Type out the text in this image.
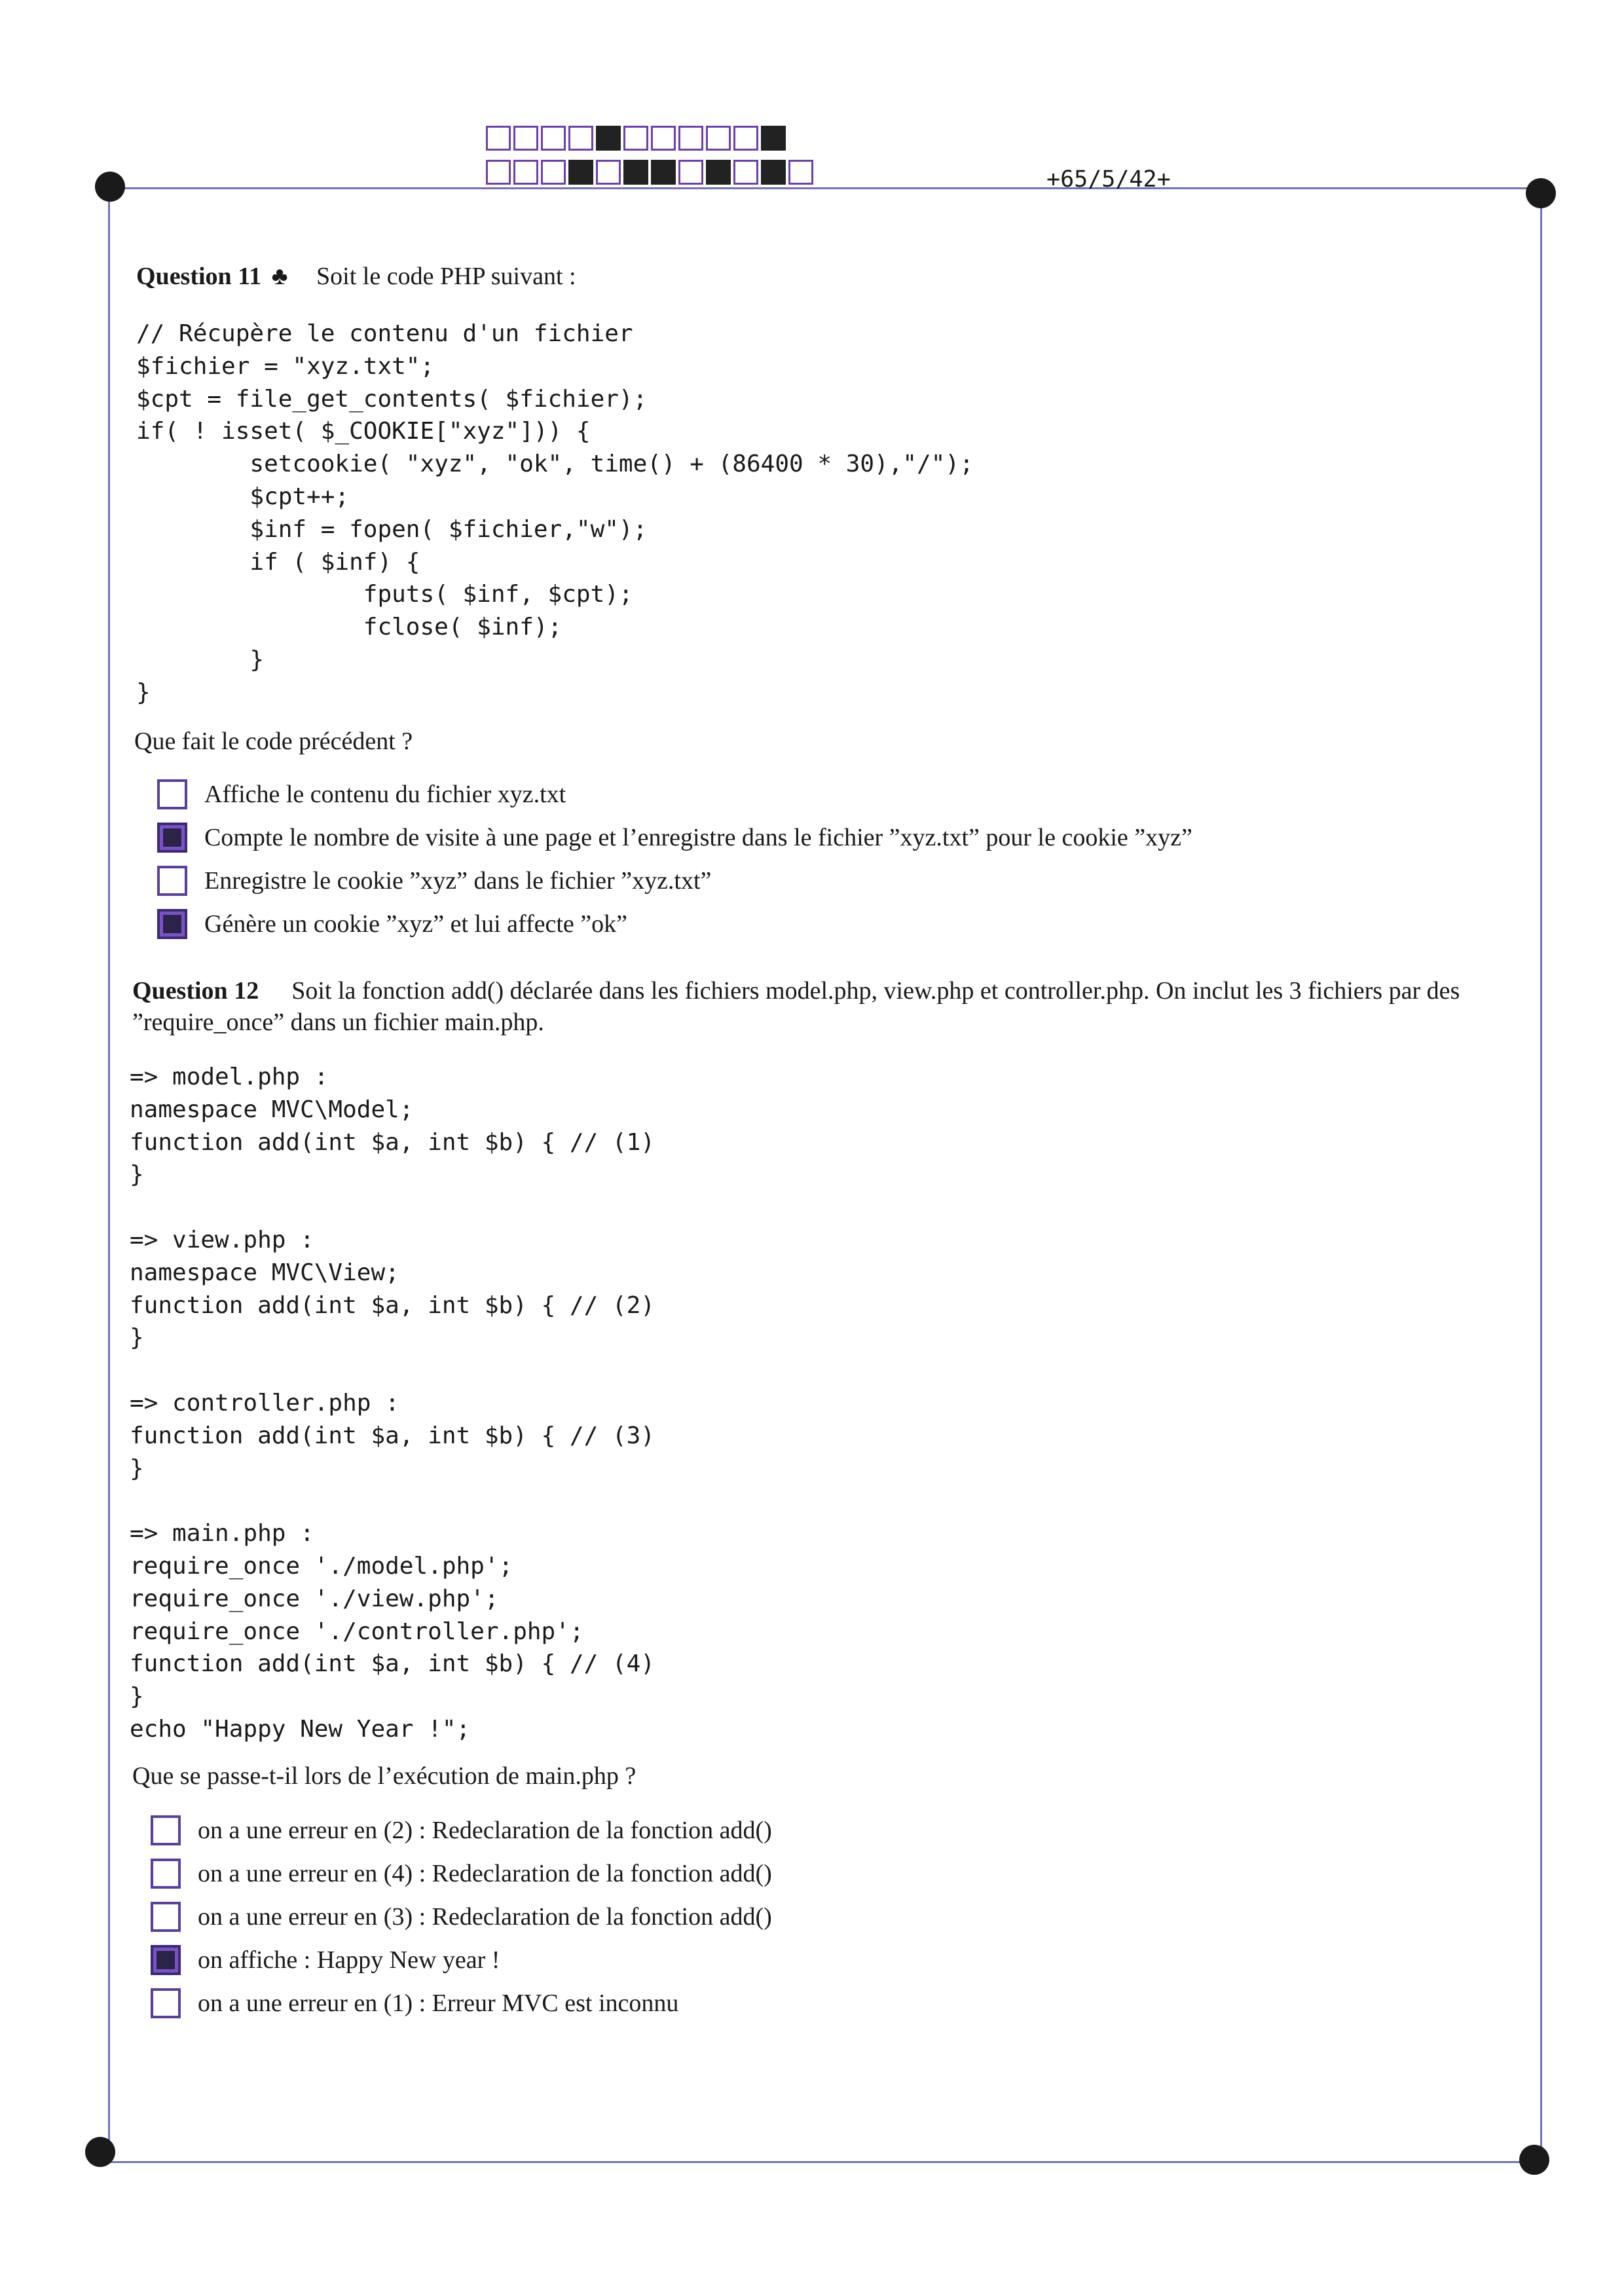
+65/5/42+
Question 11 ♣ Soit le code PHP suivant :
// Récupère le contenu d'un fichier
$fichier = "xyz.txt";
$cpt = file_get_contents( $fichier);
if( ! isset( $_COOKIE["xyz"])) {
setcookie( "xyz", "ok", time() + (86400 * 30),"/");
$cpt++;
$inf = fopen( $fichier,"w");
if ( $inf) {
fputs( $inf, $cpt);
fclose( $inf);
}
}
Que fait le code précédent ?
Affiche le contenu du fichier xyz.txt
Compte le nombre de visite à une page et l’enregistre dans le fichier ”xyz.txt” pour le cookie ”xyz”
Enregistre le cookie ”xyz” dans le fichier ”xyz.txt”
Génère un cookie ”xyz” et lui affecte ”ok”
Question 12 Soit la fonction add() déclarée dans les fichiers model.php, view.php et controller.php. On inclut les 3 fichiers par des ”require_once” dans un fichier main.php.
=> model.php :
namespace MVC\Model;
function add(int $a, int $b) { // (1)
}

=> view.php :
namespace MVC\View;
function add(int $a, int $b) { // (2)
}

=> controller.php :
function add(int $a, int $b) { // (3)
}

=> main.php :
require_once './model.php';
require_once './view.php';
require_once './controller.php';
function add(int $a, int $b) { // (4)
}
echo "Happy New Year !";
Que se passe-t-il lors de l’exécution de main.php ?
on a une erreur en (2) : Redeclaration de la fonction add()
on a une erreur en (4) : Redeclaration de la fonction add()
on a une erreur en (3) : Redeclaration de la fonction add()
on affiche : Happy New year !
on a une erreur en (1) : Erreur MVC est inconnu
